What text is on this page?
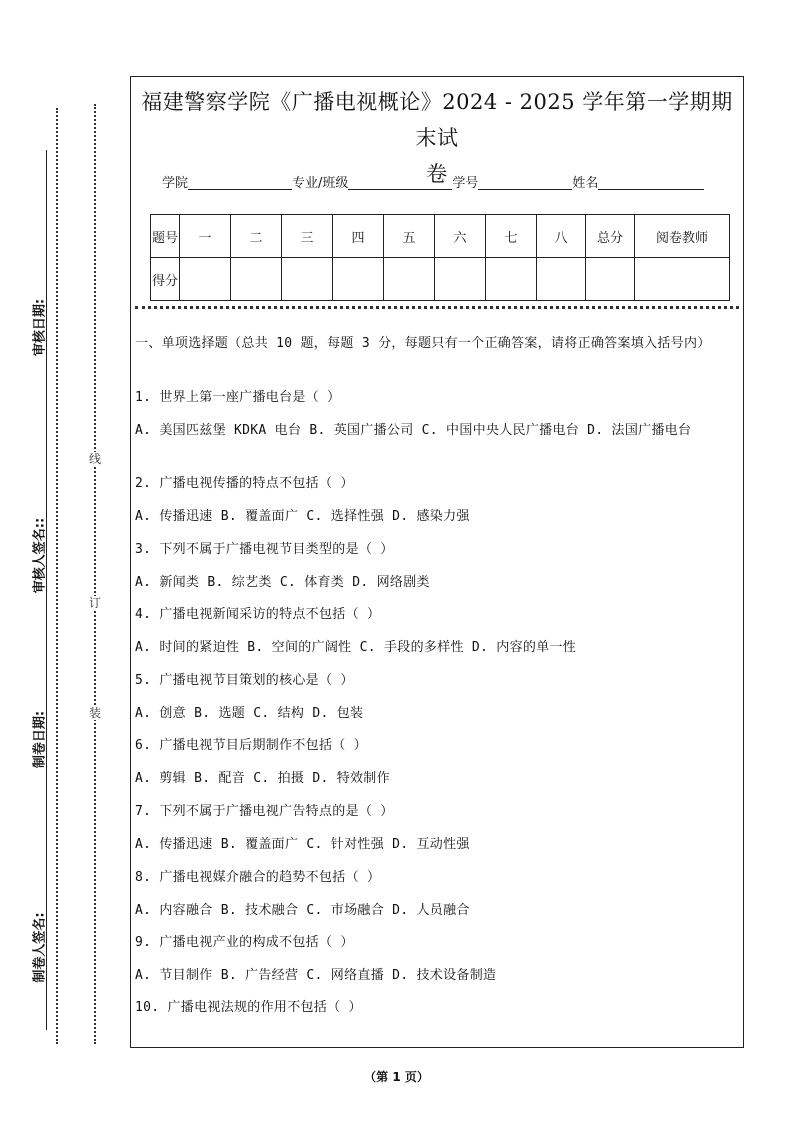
审核日期:
审核人签名::
制卷日期:
制卷人签名:
线
订
装
福建警察学院《广播电视概论》2024 - 2025 学年第一学期期末试
卷
学院	专业/班级	学号	姓名
题号	一	二	三	四	五	六	七	八	总分	阅卷教师
得分										
一、单项选择题（总共 10 题，每题 3 分，每题只有一个正确答案，请将正确答案填入括号内）
1. 世界上第一座广播电台是（ ）
A. 美国匹兹堡 KDKA 电台 B. 英国广播公司 C. 中国中央人民广播电台 D. 法国广播电台
2. 广播电视传播的特点不包括（ ）
A. 传播迅速 B. 覆盖面广 C. 选择性强 D. 感染力强
3. 下列不属于广播电视节目类型的是（ ）
A. 新闻类 B. 综艺类 C. 体育类 D. 网络剧类
4. 广播电视新闻采访的特点不包括（ ）
A. 时间的紧迫性 B. 空间的广阔性 C. 手段的多样性 D. 内容的单一性
5. 广播电视节目策划的核心是（ ）
A. 创意 B. 选题 C. 结构 D. 包装
6. 广播电视节目后期制作不包括（ ）
A. 剪辑 B. 配音 C. 拍摄 D. 特效制作
7. 下列不属于广播电视广告特点的是（ ）
A. 传播迅速 B. 覆盖面广 C. 针对性强 D. 互动性强
8. 广播电视媒介融合的趋势不包括（ ）
A. 内容融合 B. 技术融合 C. 市场融合 D. 人员融合
9. 广播电视产业的构成不包括（ ）
A. 节目制作 B. 广告经营 C. 网络直播 D. 技术设备制造
10. 广播电视法规的作用不包括（ ）
（第 1 页）
